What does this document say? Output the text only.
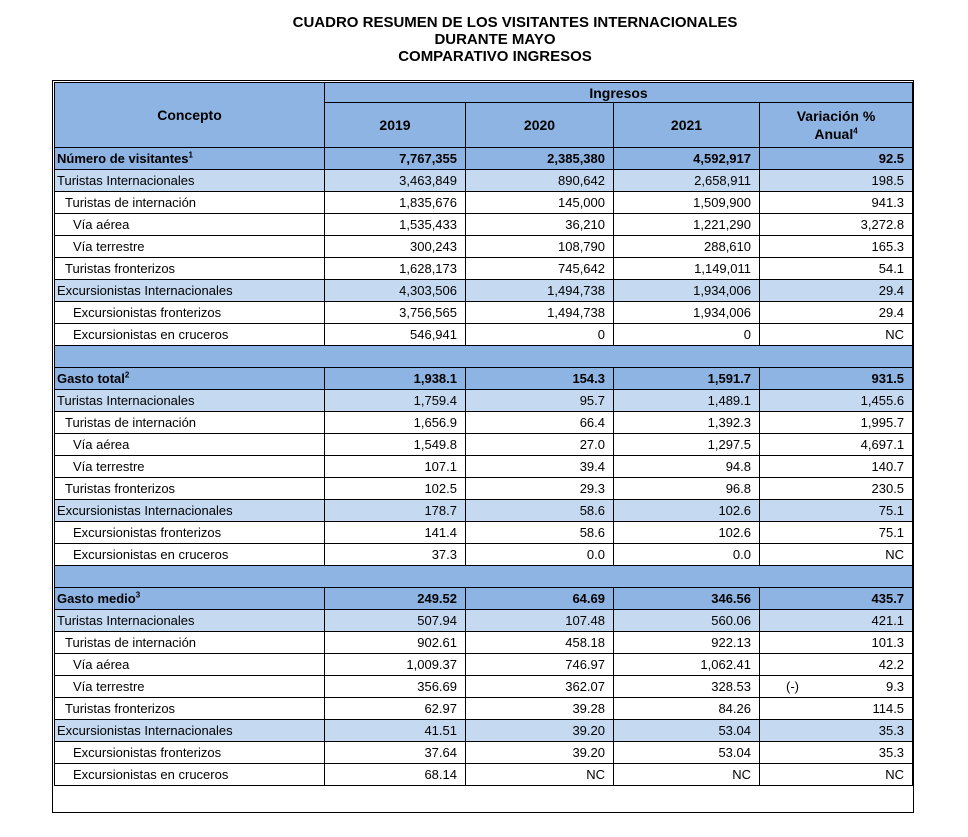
CUADRO RESUMEN DE LOS VISITANTES INTERNACIONALES
DURANTE MAYO
COMPARATIVO INGRESOS
Concepto	Ingresos			
	2019	2020	2021	Variación %
Anual$^4$
Número de visitantes$^1$	7,767,355	2,385,380	4,592,917	92.5
Turistas Internacionales	3,463,849	890,642	2,658,911	198.5
Turistas de internación	1,835,676	145,000	1,509,900	941.3
Vía aérea	1,535,433	36,210	1,221,290	3,272.8
Vía terrestre	300,243	108,790	288,610	165.3
Turistas fronterizos	1,628,173	745,642	1,149,011	54.1
Excursionistas Internacionales	4,303,506	1,494,738	1,934,006	29.4
Excursionistas fronterizos	3,756,565	1,494,738	1,934,006	29.4
Excursionistas en cruceros	546,941	0	0	NC

Gasto total$^2$	1,938.1	154.3	1,591.7	931.5
Turistas Internacionales	1,759.4	95.7	1,489.1	1,455.6
Turistas de internación	1,656.9	66.4	1,392.3	1,995.7
Vía aérea	1,549.8	27.0	1,297.5	4,697.1
Vía terrestre	107.1	39.4	94.8	140.7
Turistas fronterizos	102.5	29.3	96.8	230.5
Excursionistas Internacionales	178.7	58.6	102.6	75.1
Excursionistas fronterizos	141.4	58.6	102.6	75.1
Excursionistas en cruceros	37.3	0.0	0.0	NC

Gasto medio$^3$	249.52	64.69	346.56	435.7
Turistas Internacionales	507.94	107.48	560.06	421.1
Turistas de internación	902.61	458.18	922.13	101.3
Vía aérea	1,009.37	746.97	1,062.41	42.2
Vía terrestre	356.69	362.07	328.53	(-) 9.3

Turistas fronterizos	62.97	39.28	84.26	114.5
Excursionistas Internacionales	41.51	39.20	53.04	35.3
Excursionistas fronterizos	37.64	39.20	53.04	35.3
Excursionistas en cruceros	68.14	NC	NC	NC
